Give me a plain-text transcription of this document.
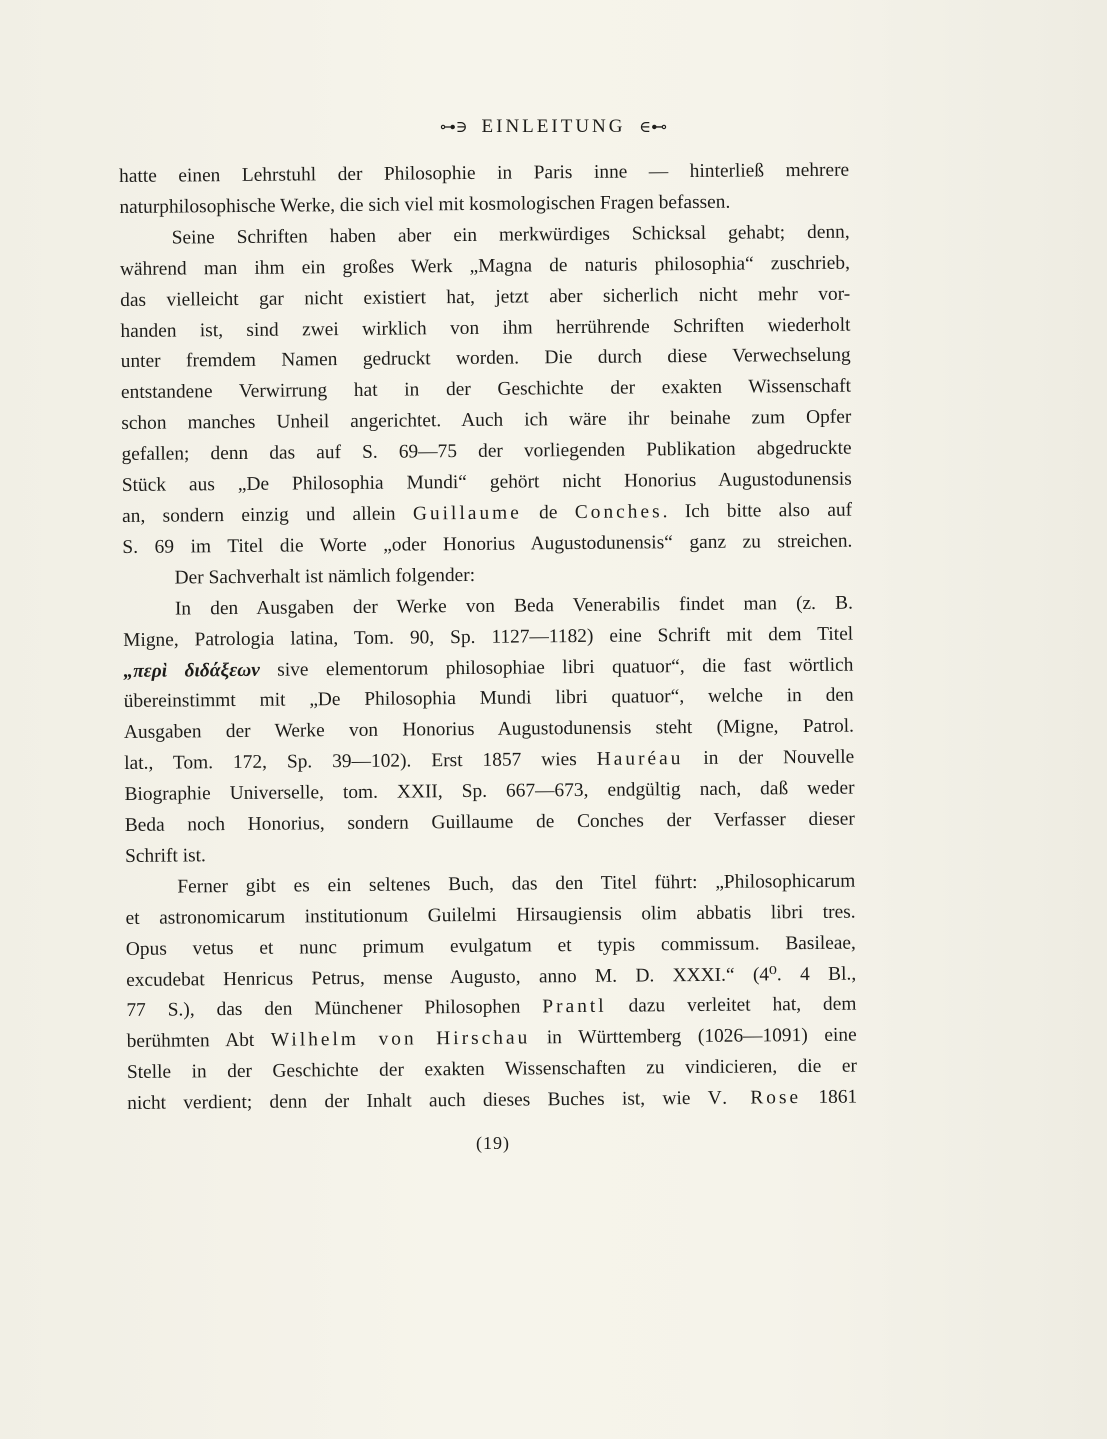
⊶∋ EINLEITUNG ∈⊷
hatte einen Lehrstuhl der Philosophie in Paris inne — hinterließ mehrere
naturphilosophische Werke, die sich viel mit kosmologischen Fragen befassen.
Seine Schriften haben aber ein merkwürdiges Schicksal gehabt; denn,
während man ihm ein großes Werk „Magna de naturis philosophia“ zuschrieb,
das vielleicht gar nicht existiert hat, jetzt aber sicherlich nicht mehr vor-
handen ist, sind zwei wirklich von ihm herrührende Schriften wiederholt
unter fremdem Namen gedruckt worden. Die durch diese Verwechselung
entstandene Verwirrung hat in der Geschichte der exakten Wissenschaft
schon manches Unheil angerichtet. Auch ich wäre ihr beinahe zum Opfer
gefallen; denn das auf S. 69—75 der vorliegenden Publikation abgedruckte
Stück aus „De Philosophia Mundi“ gehört nicht Honorius Augustodunensis
an, sondern einzig und allein Guillaume de Conches. Ich bitte also auf
S. 69 im Titel die Worte „oder Honorius Augustodunensis“ ganz zu streichen.
Der Sachverhalt ist nämlich folgender:
In den Ausgaben der Werke von Beda Venerabilis findet man (z. B.
Migne, Patrologia latina, Tom. 90, Sp. 1127—1182) eine Schrift mit dem Titel
„περὶ διδάξεων sive elementorum philosophiae libri quatuor“, die fast wörtlich
übereinstimmt mit „De Philosophia Mundi libri quatuor“, welche in den
Ausgaben der Werke von Honorius Augustodunensis steht (Migne, Patrol.
lat., Tom. 172, Sp. 39—102). Erst 1857 wies Hauréau in der Nouvelle
Biographie Universelle, tom. XXII, Sp. 667—673, endgültig nach, daß weder
Beda noch Honorius, sondern Guillaume de Conches der Verfasser dieser
Schrift ist.
Ferner gibt es ein seltenes Buch, das den Titel führt: „Philosophicarum
et astronomicarum institutionum Guilelmi Hirsaugiensis olim abbatis libri tres.
Opus vetus et nunc primum evulgatum et typis commissum. Basileae,
excudebat Henricus Petrus, mense Augusto, anno M. D. XXXI.“ (4⁰. 4 Bl.,
77 S.), das den Münchener Philosophen Prantl dazu verleitet hat, dem
berühmten Abt Wilhelm von Hirschau in Württemberg (1026—1091) eine
Stelle in der Geschichte der exakten Wissenschaften zu vindicieren, die er
nicht verdient; denn der Inhalt auch dieses Buches ist, wie V. Rose 1861
(19)
